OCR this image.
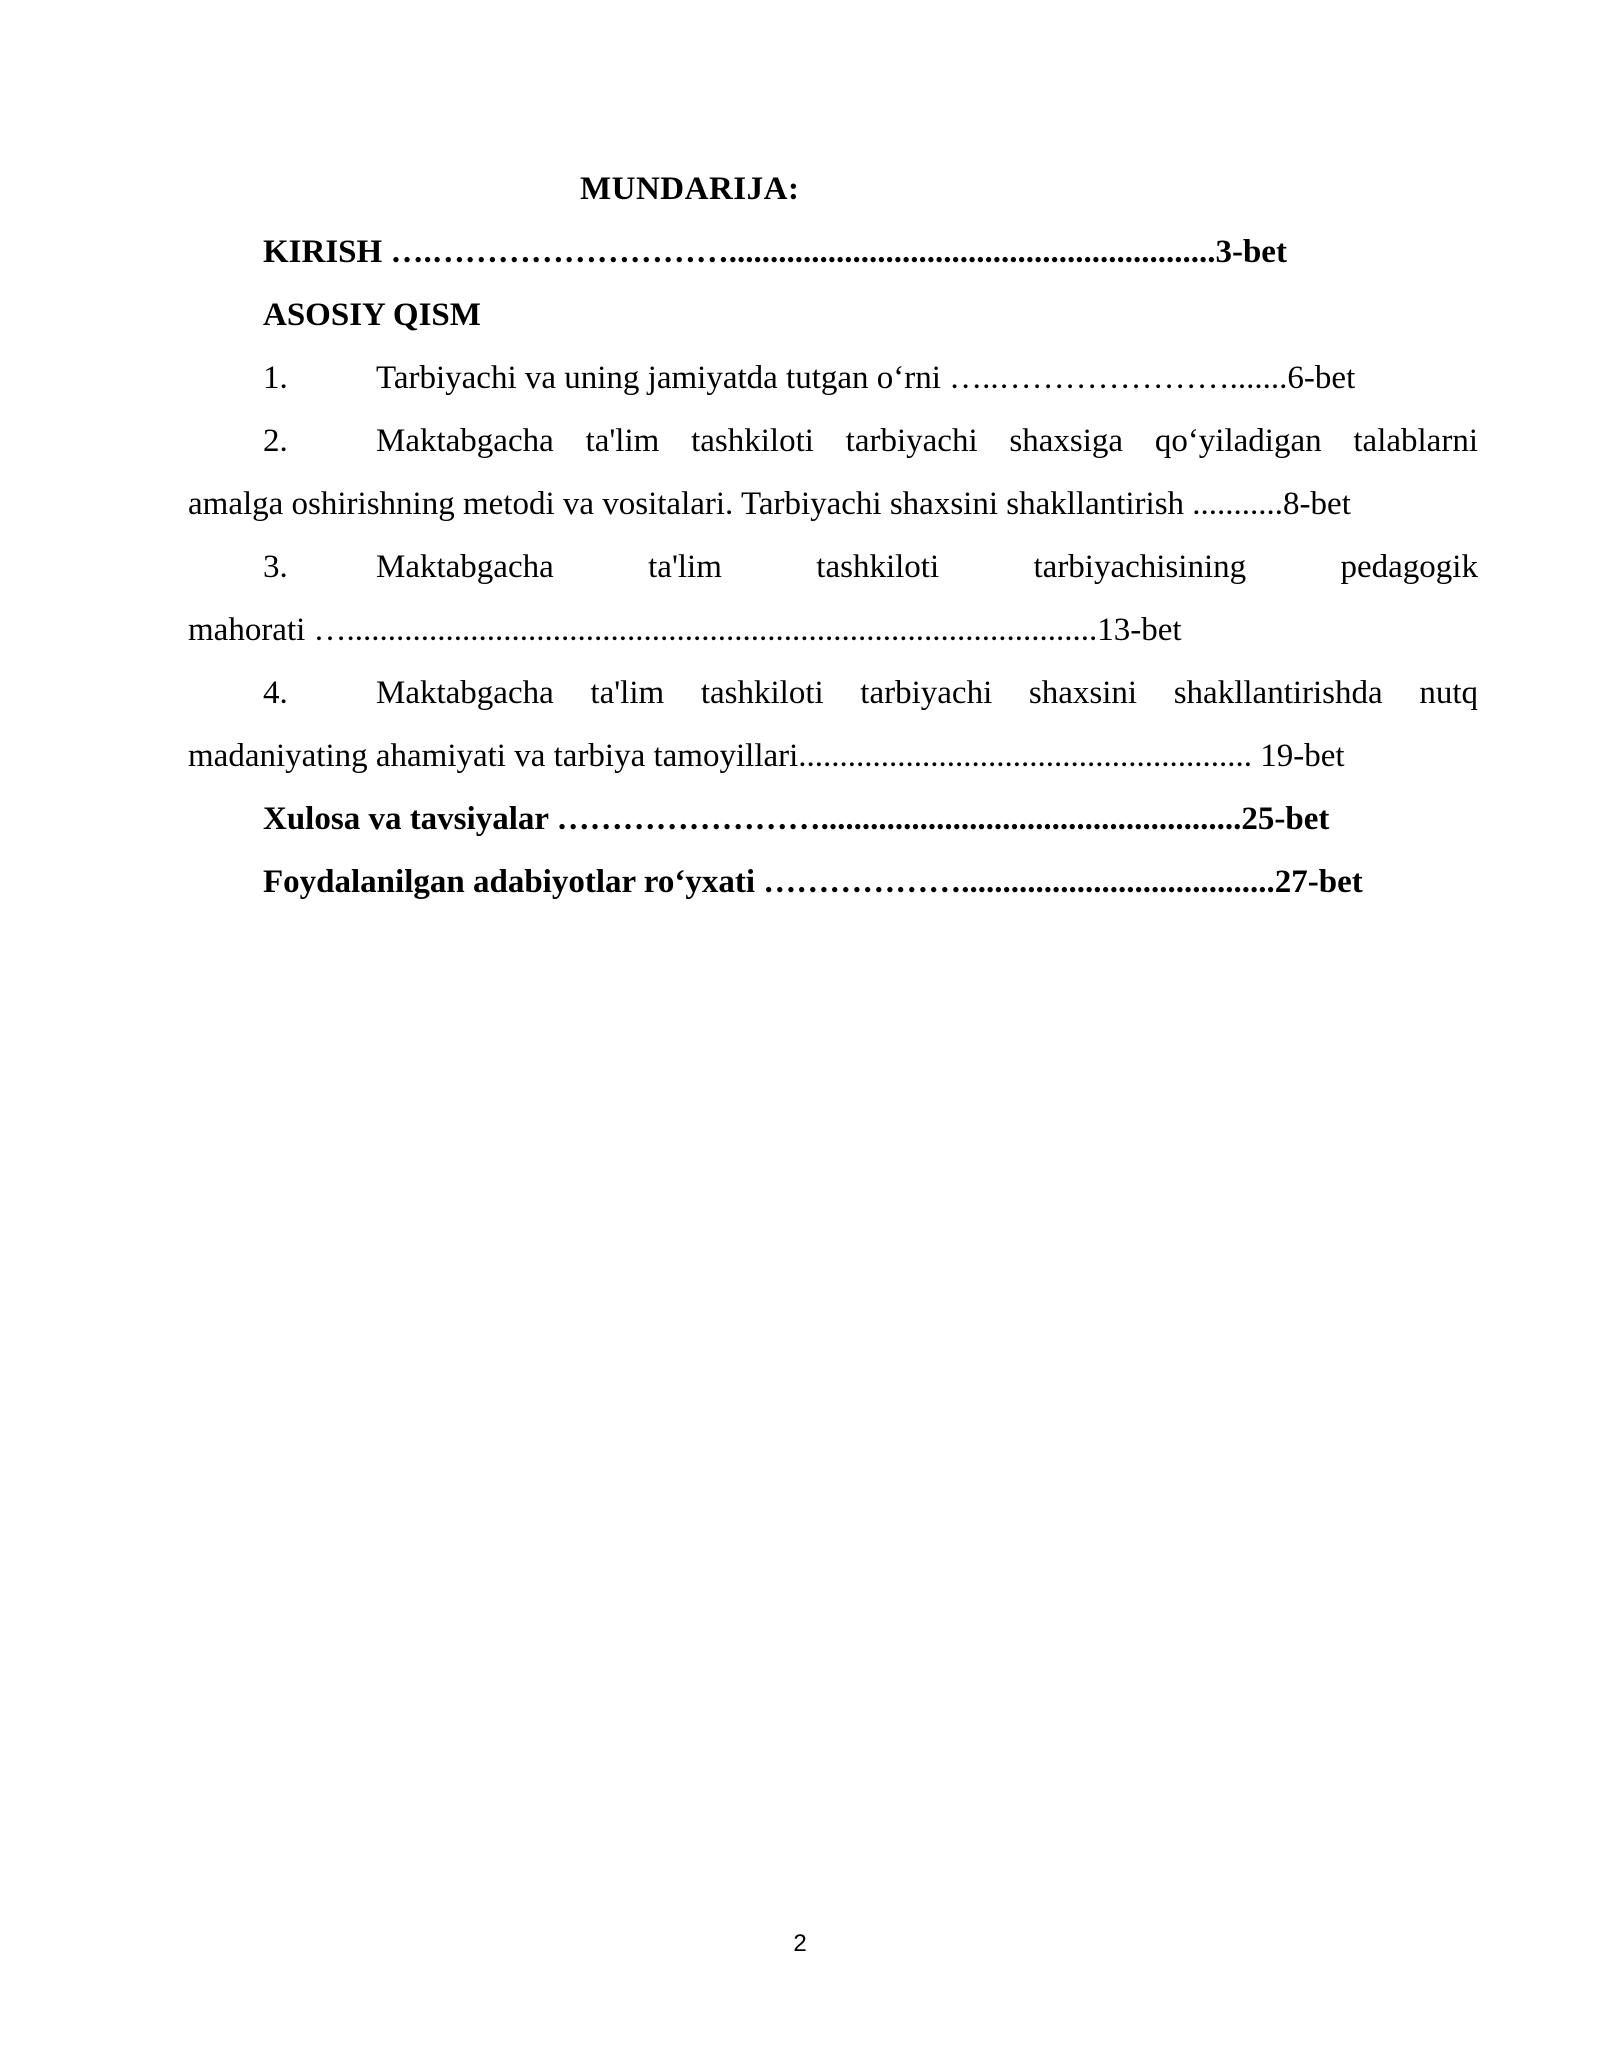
MUNDARIJA:
KIRISH ….………………………...........................................................3-bet
ASOSIY QISM
1.	Tarbiyachi va uning jamiyatda tutgan o‘rni …..………………….......6-bet
2.	Maktabgacha ta'lim tashkiloti tarbiyachi shaxsiga qo‘yiladigan talablarni
amalga oshirishning metodi va vositalari. Tarbiyachi shaxsini shakllantirish ...........8-bet
3.	Maktabgacha	ta'lim	tashkiloti	tarbiyachisining	pedagogik
mahorati …...........................................................................................13-bet
4.	Maktabgacha ta'lim tashkiloti tarbiyachi shaxsini shakllantirishda nutq
madaniyating ahamiyati va tarbiya tamoyillari....................................................... 19-bet
Xulosa va tavsiyalar ……………………...................................................25-bet
Foydalanilgan adabiyotlar ro‘yxati ………………......................................27-bet
2
